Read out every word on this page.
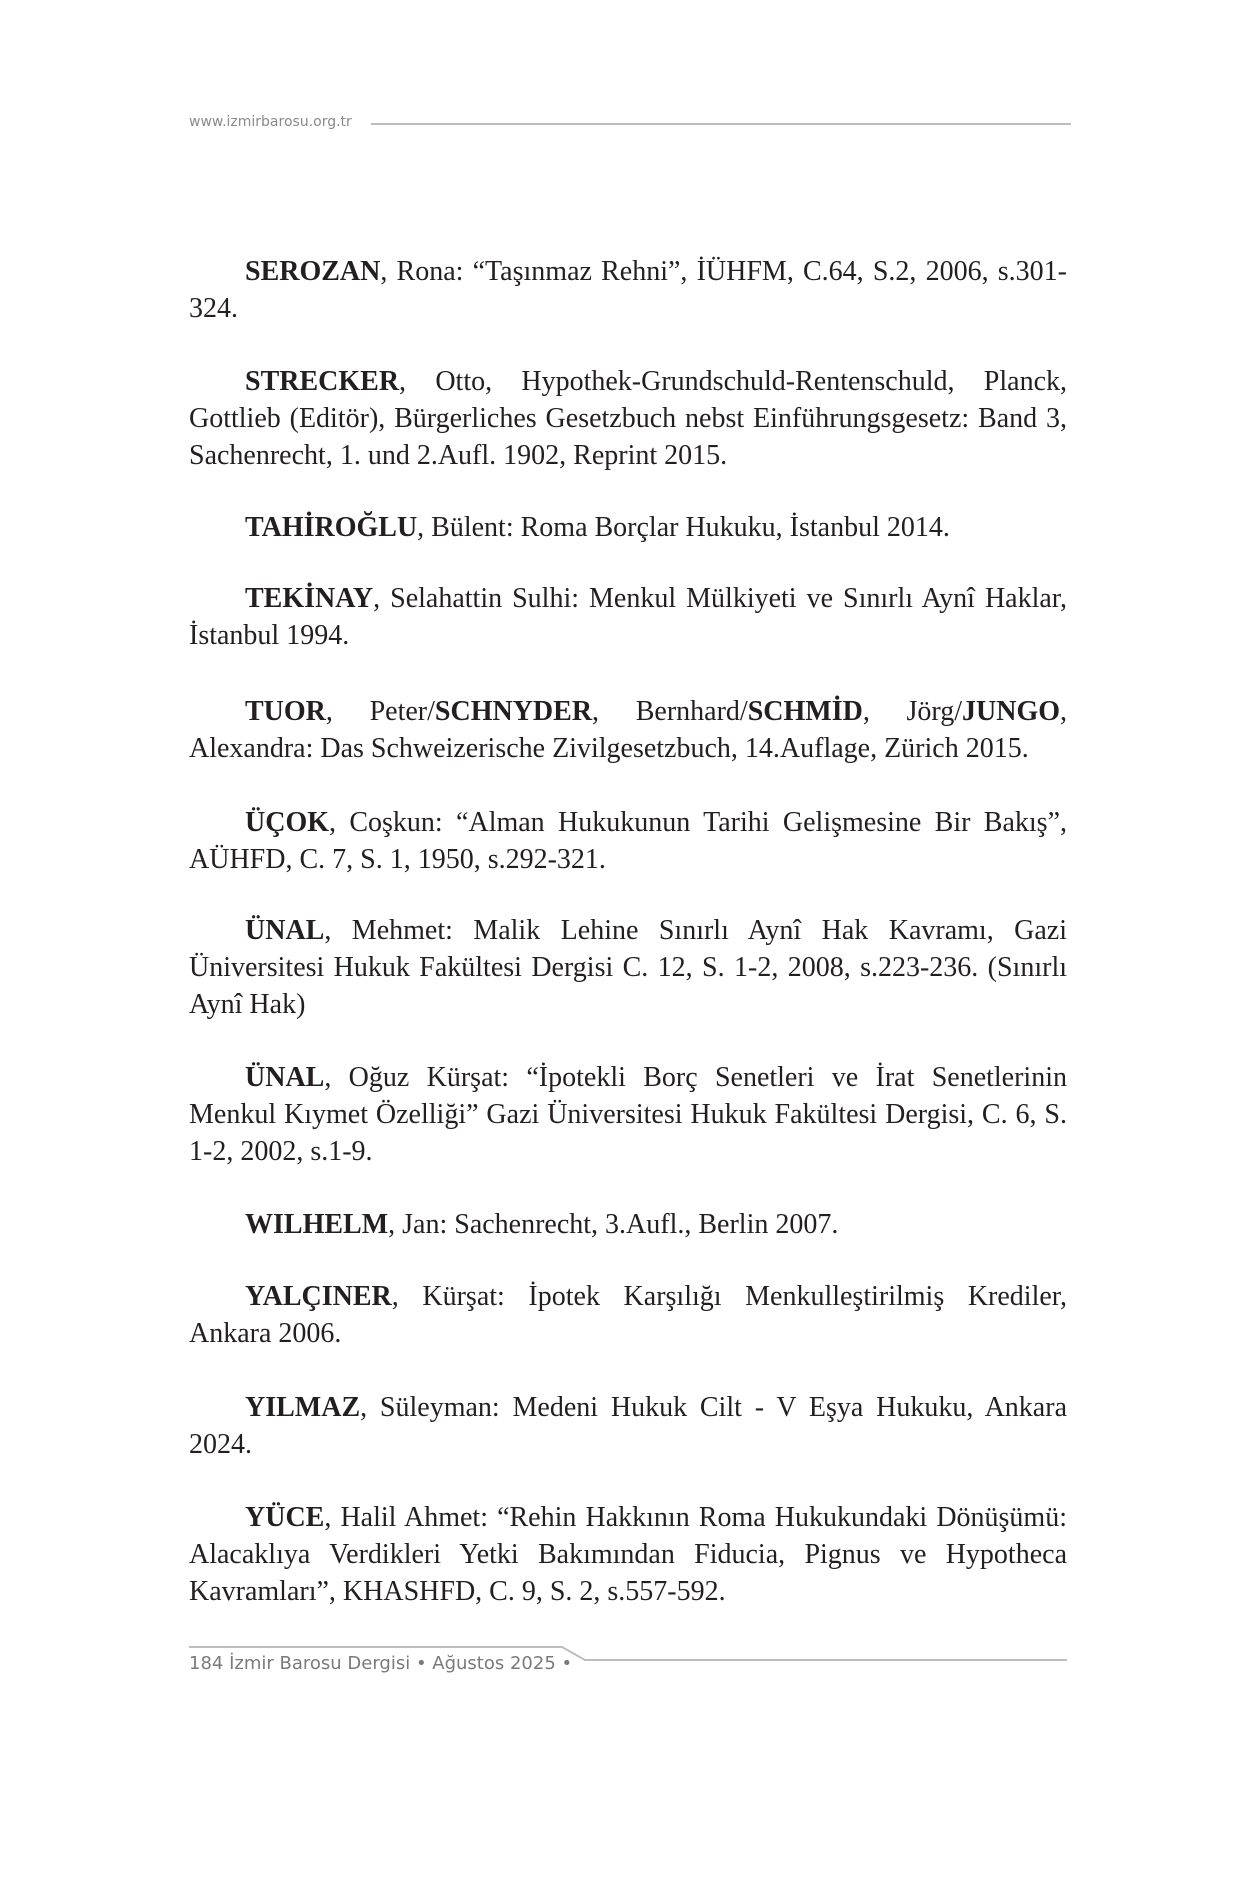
www.izmirbarosu.org.tr

SEROZAN, Rona: “Taşınmaz Rehni”, İÜHFM, C.64, S.2, 2006, s.301-324.

STRECKER, Otto, Hypothek-Grundschuld-Rentenschuld, Planck, Gottlieb (Editör), Bürgerliches Gesetzbuch nebst Einführungsgesetz: Band 3, Sachenrecht, 1. und 2.Aufl. 1902, Reprint 2015.

TAHİROĞLU, Bülent: Roma Borçlar Hukuku, İstanbul 2014.

TEKİNAY, Selahattin Sulhi: Menkul Mülkiyeti ve Sınırlı Aynî Haklar, İstanbul 1994.

TUOR, Peter/SCHNYDER, Bernhard/SCHMİD, Jörg/JUNGO, Alexandra: Das Schweizerische Zivilgesetzbuch, 14.Auflage, Zürich 2015.

ÜÇOK, Coşkun: “Alman Hukukunun Tarihi Gelişmesine Bir Bakış”, AÜHFD, C. 7, S. 1, 1950, s.292-321.

ÜNAL, Mehmet: Malik Lehine Sınırlı Aynî Hak Kavramı, Gazi Üniversitesi Hukuk Fakültesi Dergisi C. 12, S. 1-2, 2008, s.223-236. (Sınırlı Aynî Hak)

ÜNAL, Oğuz Kürşat: “İpotekli Borç Senetleri ve İrat Senetlerinin Menkul Kıymet Özelliği” Gazi Üniversitesi Hukuk Fakültesi Dergisi, C. 6, S. 1-2, 2002, s.1-9.

WILHELM, Jan: Sachenrecht, 3.Aufl., Berlin 2007.

YALÇINER, Kürşat: İpotek Karşılığı Menkulleştirilmiş Krediler, Ankara 2006.

YILMAZ, Süleyman: Medeni Hukuk Cilt - V Eşya Hukuku, Ankara 2024.

YÜCE, Halil Ahmet: “Rehin Hakkının Roma Hukukundaki Dönüşümü: Alacaklıya Verdikleri Yetki Bakımından Fiducia, Pignus ve Hypotheca Kavramları”, KHASHFD, C. 9, S. 2, s.557-592.

184 İzmir Barosu Dergisi • Ağustos 2025 •
